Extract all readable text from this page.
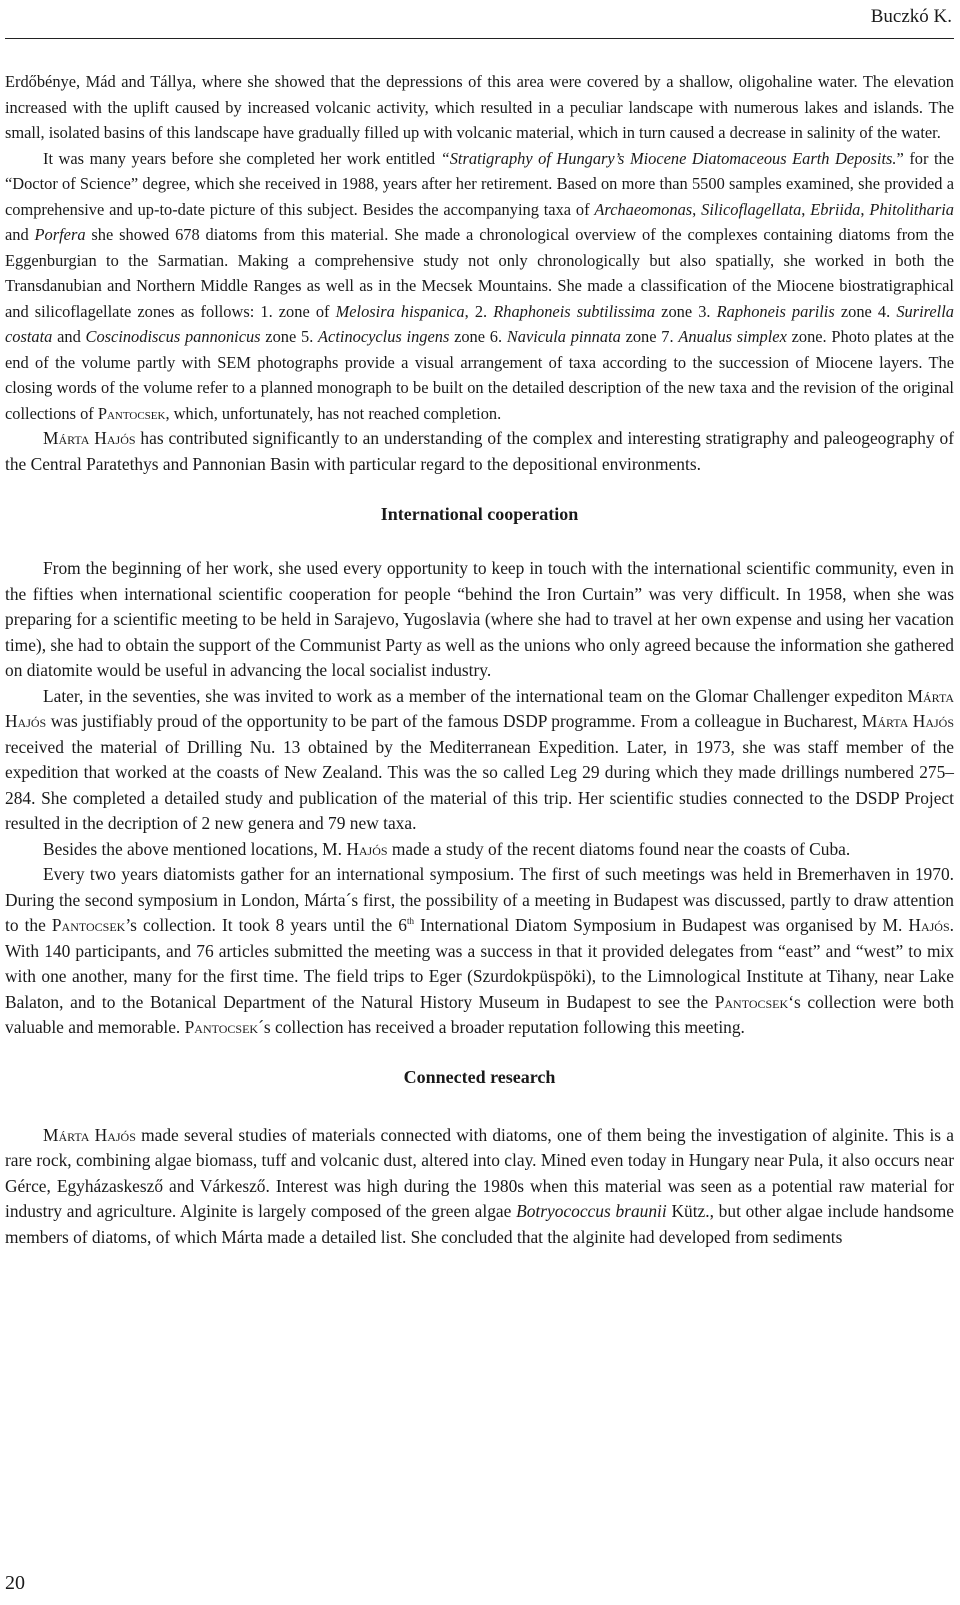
Buczkó K.

Erdőbénye, Mád and Tállya, where she showed that the depressions of this area were covered by a shallow, oligohaline water. The elevation increased with the uplift caused by increased volcanic activity, which resulted in a peculiar landscape with numerous lakes and islands. The small, isolated basins of this landscape have gradually filled up with volcanic material, which in turn caused a decrease in salinity of the water.

It was many years before she completed her work entitled “Stratigraphy of Hungary’s Miocene Diatomaceous Earth Deposits.” for the “Doctor of Science” degree, which she received in 1988, years after her retirement. Based on more than 5500 samples examined, she provided a comprehensive and up-to-date picture of this subject. Besides the accompanying taxa of Archaeomonas, Silicoflagellata, Ebriida, Phitolitharia and Porfera she showed 678 diatoms from this material. She made a chronological overview of the complexes containing diatoms from the Eggenburgian to the Sarmatian. Making a comprehensive study not only chronologically but also spatially, she worked in both the Transdanubian and Northern Middle Ranges as well as in the Mecsek Mountains. She made a classification of the Miocene biostratigraphical and silicoflagellate zones as follows: 1. zone of Melosira hispanica, 2. Rhaphoneis subtilissima zone 3. Raphoneis parilis zone 4. Surirella costata and Coscinodiscus pannonicus zone 5. Actinocyclus ingens zone 6. Navicula pinnata zone 7. Anualus simplex zone. Photo plates at the end of the volume partly with SEM photographs provide a visual arrangement of taxa according to the succession of Miocene layers. The closing words of the volume refer to a planned monograph to be built on the detailed description of the new taxa and the revision of the original collections of Pantocsek, which, unfortunately, has not reached completion.

Márta Hajós has contributed significantly to an understanding of the complex and interesting stratigraphy and paleogeography of the Central Paratethys and Pannonian Basin with particular regard to the depositional environments.

International cooperation

From the beginning of her work, she used every opportunity to keep in touch with the international scientific community, even in the fifties when international scientific cooperation for people “behind the Iron Curtain” was very difficult. In 1958, when she was preparing for a scientific meeting to be held in Sarajevo, Yugoslavia (where she had to travel at her own expense and using her vacation time), she had to obtain the support of the Communist Party as well as the unions who only agreed because the information she gathered on diatomite would be useful in advancing the local socialist industry.

Later, in the seventies, she was invited to work as a member of the international team on the Glomar Challenger expediton Márta Hajós was justifiably proud of the opportunity to be part of the famous DSDP programme. From a colleague in Bucharest, Márta Hajós received the material of Drilling Nu. 13 obtained by the Mediterranean Expedition. Later, in 1973, she was staff member of the expedition that worked at the coasts of New Zealand. This was the so called Leg 29 during which they made drillings numbered 275–284. She completed a detailed study and publication of the material of this trip. Her scientific studies connected to the DSDP Project resulted in the decription of 2 new genera and 79 new taxa.

Besides the above mentioned locations, M. Hajós made a study of the recent diatoms found near the coasts of Cuba.

Every two years diatomists gather for an international symposium. The first of such meetings was held in Bremerhaven in 1970. During the second symposium in London, Márta´s first, the possibility of a meeting in Budapest was discussed, partly to draw attention to the Pantocsek’s collection. It took 8 years until the 6th International Diatom Symposium in Budapest was organised by M. Hajós. With 140 participants, and 76 articles submitted the meeting was a success in that it provided delegates from “east” and “west” to mix with one another, many for the first time. The field trips to Eger (Szurdokpüspöki), to the Limnological Institute at Tihany, near Lake Balaton, and to the Botanical Department of the Natural History Museum in Budapest to see the Pantocsek‘s collection were both valuable and memorable. Pantocsek´s collection has received a broader reputation following this meeting.

Connected research

Márta Hajós made several studies of materials connected with diatoms, one of them being the investigation of alginite. This is a rare rock, combining algae biomass, tuff and volcanic dust, altered into clay. Mined even today in Hungary near Pula, it also occurs near Gérce, Egyházaskesző and Várkesző. Interest was high during the 1980s when this material was seen as a potential raw material for industry and agriculture. Alginite is largely composed of the green algae Botryococcus braunii Kütz., but other algae include handsome members of diatoms, of which Márta made a detailed list. She concluded that the alginite had developed from sediments

20
